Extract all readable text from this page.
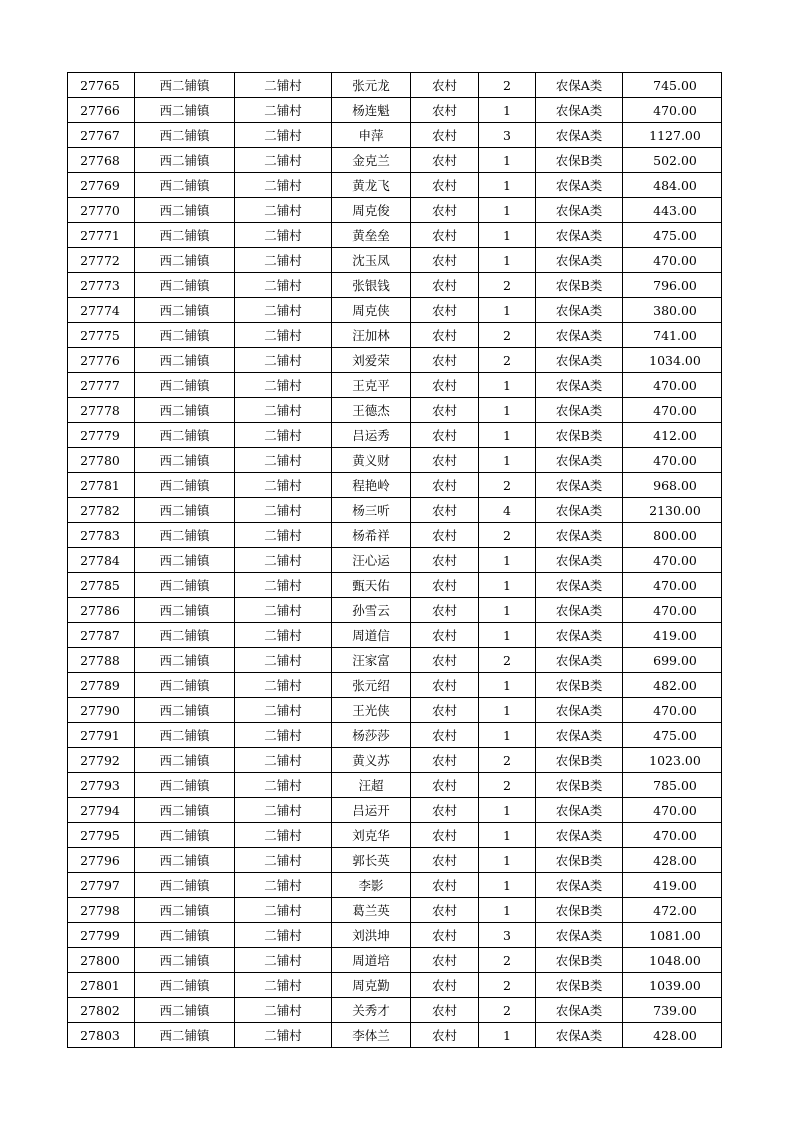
27765	西二铺镇	二铺村	张元龙	农村	2	农保A类	745.00
27766	西二铺镇	二铺村	杨连魁	农村	1	农保A类	470.00
27767	西二铺镇	二铺村	申萍	农村	3	农保A类	1127.00
27768	西二铺镇	二铺村	金克兰	农村	1	农保B类	502.00
27769	西二铺镇	二铺村	黄龙飞	农村	1	农保A类	484.00
27770	西二铺镇	二铺村	周克俊	农村	1	农保A类	443.00
27771	西二铺镇	二铺村	黄垒垒	农村	1	农保A类	475.00
27772	西二铺镇	二铺村	沈玉凤	农村	1	农保A类	470.00
27773	西二铺镇	二铺村	张银钱	农村	2	农保B类	796.00
27774	西二铺镇	二铺村	周克侠	农村	1	农保A类	380.00
27775	西二铺镇	二铺村	汪加林	农村	2	农保A类	741.00
27776	西二铺镇	二铺村	刘爱荣	农村	2	农保A类	1034.00
27777	西二铺镇	二铺村	王克平	农村	1	农保A类	470.00
27778	西二铺镇	二铺村	王德杰	农村	1	农保A类	470.00
27779	西二铺镇	二铺村	吕运秀	农村	1	农保B类	412.00
27780	西二铺镇	二铺村	黄义财	农村	1	农保A类	470.00
27781	西二铺镇	二铺村	程艳岭	农村	2	农保A类	968.00
27782	西二铺镇	二铺村	杨三听	农村	4	农保A类	2130.00
27783	西二铺镇	二铺村	杨希祥	农村	2	农保A类	800.00
27784	西二铺镇	二铺村	汪心运	农村	1	农保A类	470.00
27785	西二铺镇	二铺村	甄天佑	农村	1	农保A类	470.00
27786	西二铺镇	二铺村	孙雪云	农村	1	农保A类	470.00
27787	西二铺镇	二铺村	周道信	农村	1	农保A类	419.00
27788	西二铺镇	二铺村	汪家富	农村	2	农保A类	699.00
27789	西二铺镇	二铺村	张元绍	农村	1	农保B类	482.00
27790	西二铺镇	二铺村	王光侠	农村	1	农保A类	470.00
27791	西二铺镇	二铺村	杨莎莎	农村	1	农保A类	475.00
27792	西二铺镇	二铺村	黄义苏	农村	2	农保B类	1023.00
27793	西二铺镇	二铺村	汪超	农村	2	农保B类	785.00
27794	西二铺镇	二铺村	吕运开	农村	1	农保A类	470.00
27795	西二铺镇	二铺村	刘克华	农村	1	农保A类	470.00
27796	西二铺镇	二铺村	郭长英	农村	1	农保B类	428.00
27797	西二铺镇	二铺村	李影	农村	1	农保A类	419.00
27798	西二铺镇	二铺村	葛兰英	农村	1	农保B类	472.00
27799	西二铺镇	二铺村	刘洪坤	农村	3	农保A类	1081.00
27800	西二铺镇	二铺村	周道培	农村	2	农保B类	1048.00
27801	西二铺镇	二铺村	周克勤	农村	2	农保B类	1039.00
27802	西二铺镇	二铺村	关秀才	农村	2	农保A类	739.00
27803	西二铺镇	二铺村	李体兰	农村	1	农保A类	428.00
